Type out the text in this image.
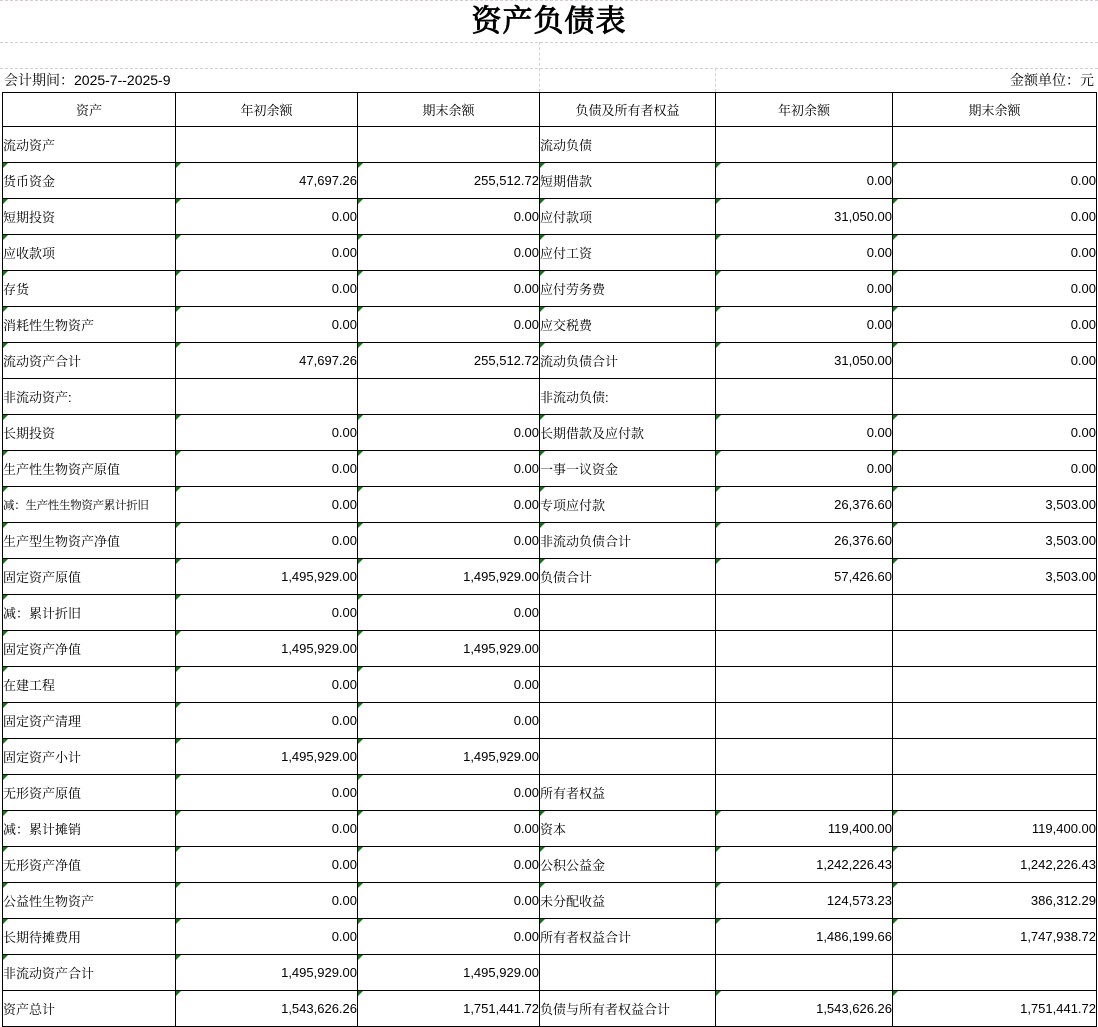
资产负债表
会计期间：2025-7--2025-9	金额单位：元
资产	年初余额	期末余额	负债及所有者权益	年初余额	期末余额
流动资产			流动负债		

货币资金	47,697.26	255,512.72	短期借款	0.00	0.00

短期投资	0.00	0.00	应付款项	31,050.00	0.00

应收款项	0.00	0.00	应付工资	0.00	0.00

存货	0.00	0.00	应付劳务费	0.00	0.00

消耗性生物资产	0.00	0.00	应交税费	0.00	0.00

流动资产合计	47,697.26	255,512.72	流动负债合计	31,050.00	0.00
非流动资产:			非流动负债:		

长期投资	0.00	0.00	长期借款及应付款	0.00	0.00

生产性生物资产原值	0.00	0.00	一事一议资金	0.00	0.00

减：生产性生物资产累计折旧	0.00	0.00	专项应付款	26,376.60	3,503.00

生产型生物资产净值	0.00	0.00	非流动负债合计	26,376.60	3,503.00

固定资产原值	1,495,929.00	1,495,929.00	负债合计	57,426.60	3,503.00

减：累计折旧	0.00	0.00			

固定资产净值	1,495,929.00	1,495,929.00			

在建工程	0.00	0.00			

固定资产清理	0.00	0.00			

固定资产小计	1,495,929.00	1,495,929.00			

无形资产原值	0.00	0.00	所有者权益		

减：累计摊销	0.00	0.00	资本	119,400.00	119,400.00

无形资产净值	0.00	0.00	公积公益金	1,242,226.43	1,242,226.43

公益性生物资产	0.00	0.00	未分配收益	124,573.23	386,312.29

长期待摊费用	0.00	0.00	所有者权益合计	1,486,199.66	1,747,938.72

非流动资产合计	1,495,929.00	1,495,929.00			
资产总计	1,543,626.26	1,751,441.72	负债与所有者权益合计	1,543,626.26	1,751,441.72
